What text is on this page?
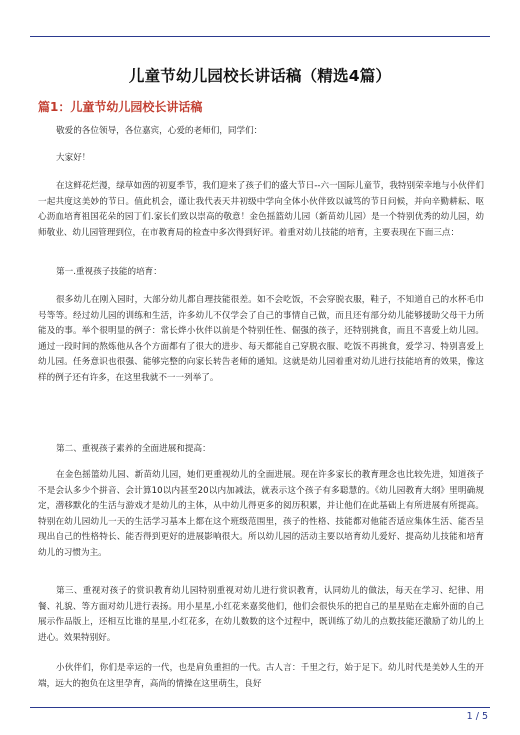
儿童节幼儿园校长讲话稿（精选4篇）
篇1：儿童节幼儿园校长讲话稿

敬爱的各位领导，各位嘉宾，心爱的老师们，同学们：

大家好！

在这鲜花烂漫，绿草如茵的初夏季节，我们迎来了孩子们的盛大节日--六一国际儿童节，我特别荣幸地与小伙伴们一起共度这美妙的节日。值此机会，谨让我代表天井初级中学向全体小伙伴致以诚笃的节日问候，并向辛勤耕耘、呕心沥血培育祖国花朵的园丁们.家长们致以崇高的敬意！金色摇篮幼儿园（新苗幼儿园）是一个特别优秀的幼儿园，幼师敬业、幼儿园管理到位，在市教育局的检查中多次得到好评。着重对幼儿技能的培育，主要表现在下面三点：

第一.重视孩子技能的培育：

很多幼儿在刚入园时，大部分幼儿都自理技能很差。如不会吃饭，不会穿脱衣服，鞋子，不知道自己的水杯毛巾号等等。经过幼儿园的训练和生活，许多幼儿不仅学会了自己的事情自己做，而且还有部分幼儿能够援助父母干力所能及的事。举个很明显的例子：常长烨小伙伴以前是个特别任性、倔强的孩子，还特别挑食，而且不喜爱上幼儿园。通过一段时间的熬炼他从各个方面都有了很大的进步、每天都能自己穿脱衣服、吃饭不再挑食，爱学习、特别喜爱上幼儿园。任务意识也很强、能够完整的向家长转告老师的通知。这就是幼儿园着重对幼儿进行技能培育的效果，像这样的例子还有许多，在这里我就不一一列举了。

第二、重视孩子素养的全面进展和提高：

在金色摇篮幼儿园、新苗幼儿园，她们更重视幼儿的全面进展。现在许多家长的教育理念也比较先进，知道孩子不是会认多少个拼音、会计算10以内甚至20以内加减法，就表示这个孩子有多聪慧的。《幼儿园教育大纲》里明确规定，潜移默化的生活与游戏才是幼儿的主体，从中幼儿得更多的阅历积累，并让他们在此基础上有所进展有所提高。特别在幼儿园幼儿一天的生活学习基本上都在这个班级范围里，孩子的性格、技能都对他能否适应集体生活、能否呈现出自己的性格特长、能否得到更好的进展影响很大。所以幼儿园的活动主要以培育幼儿爱好、提高幼儿技能和培育幼儿的习惯为主。

第三、重视对孩子的赏识教育幼儿园特别重视对幼儿进行赏识教育，认同幼儿的做法，每天在学习、纪律、用餐、礼貌、等方面对幼儿进行表扬。用小星星,小红花来嘉奖他们，他们会很快乐的把自己的星星贴在走廊外面的自己展示作品版上，还相互比谁的星星,小红花多，在幼儿数数的这个过程中，既训练了幼儿的点数技能还激励了幼儿的上进心。效果特别好。

小伙伴们，你们是幸运的一代，也是肩负重担的一代。古人言：千里之行，始于足下。幼儿时代是美妙人生的开端，远大的抱负在这里孕育，高尚的情操在这里萌生，良好

1 / 5
